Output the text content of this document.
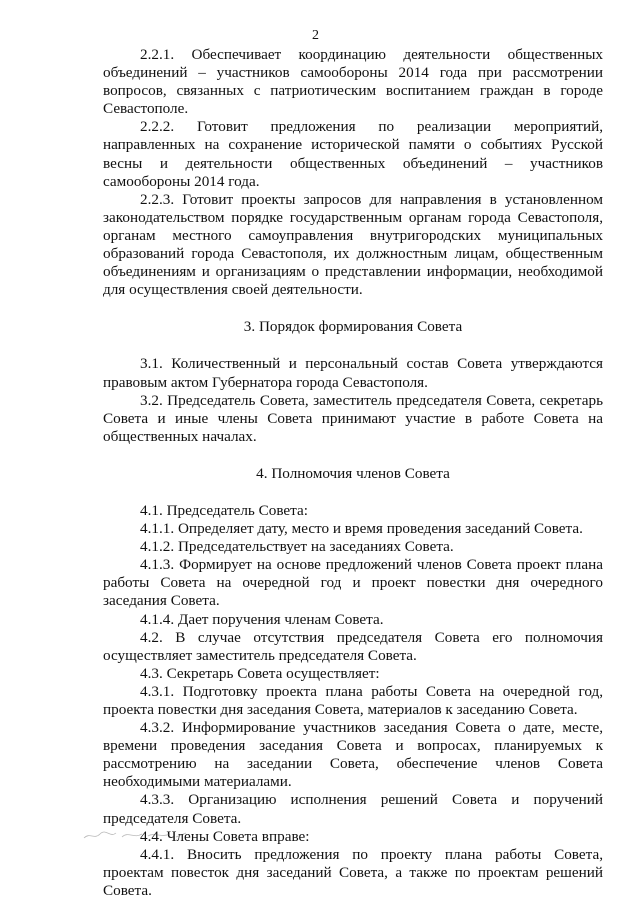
2

2.2.1. Обеспечивает координацию деятельности общественных объединений – участников самообороны 2014 года при рассмотрении вопросов, связанных с патриотическим воспитанием граждан в городе Севастополе.

2.2.2. Готовит предложения по реализации мероприятий, направленных на сохранение исторической памяти о событиях Русской весны и деятельности общественных объединений – участников самообороны 2014 года.

2.2.3. Готовит проекты запросов для направления в установленном законодательством порядке государственным органам города Севастополя, органам местного самоуправления внутригородских муниципальных образований города Севастополя, их должностным лицам, общественным объединениям и организациям о представлении информации, необходимой для осуществления своей деятельности.

3. Порядок формирования Совета

3.1. Количественный и персональный состав Совета утверждаются правовым актом Губернатора города Севастополя.

3.2. Председатель Совета, заместитель председателя Совета, секретарь Совета и иные члены Совета принимают участие в работе Совета на общественных началах.

4. Полномочия членов Совета

4.1. Председатель Совета:

4.1.1. Определяет дату, место и время проведения заседаний Совета.

4.1.2. Председательствует на заседаниях Совета.

4.1.3. Формирует на основе предложений членов Совета проект плана работы Совета на очередной год и проект повестки дня очередного заседания Совета.

4.1.4. Дает поручения членам Совета.

4.2. В случае отсутствия председателя Совета его полномочия осуществляет заместитель председателя Совета.

4.3. Секретарь Совета осуществляет:

4.3.1. Подготовку проекта плана работы Совета на очередной год, проекта повестки дня заседания Совета, материалов к заседанию Совета.

4.3.2. Информирование участников заседания Совета о дате, месте, времени проведения заседания Совета и вопросах, планируемых к рассмотрению на заседании Совета, обеспечение членов Совета необходимыми материалами.

4.3.3. Организацию исполнения решений Совета и поручений председателя Совета.

4.4. Члены Совета вправе:

4.4.1. Вносить предложения по проекту плана работы Совета, проектам повесток дня заседаний Совета, а также по проектам решений Совета.
